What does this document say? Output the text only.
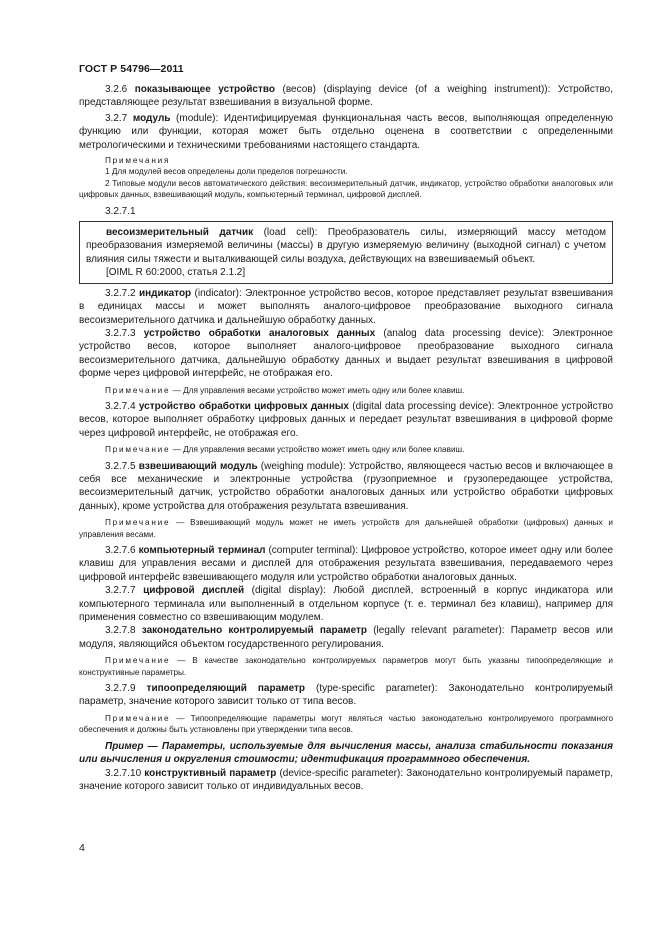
ГОСТ Р 54796—2011

3.2.6 показывающее устройство (весов) (displaying device (of a weighing instrument)): Устройство, представляющее результат взвешивания в визуальной форме.

3.2.7 модуль (module): Идентифицируемая функциональная часть весов, выполняющая определенную функцию или функции, которая может быть отдельно оценена в соответствии с определенными метрологическими и техническими требованиями настоящего стандарта.

Примечания

1 Для модулей весов определены доли пределов погрешности.

2 Типовые модули весов автоматического действия: весоизмерительный датчик, индикатор, устройство обработки аналоговых или цифровых данных, взвешивающий модуль, компьютерный терминал, цифровой дисплей.

3.2.7.1

весоизмерительный датчик (load cell): Преобразователь силы, измеряющий массу методом преобразования измеряемой величины (массы) в другую измеряемую величину (выходной сигнал) с учетом влияния силы тяжести и выталкивающей силы воздуха, действующих на взвешиваемый объект.

[OIML R 60:2000, статья 2.1.2]

3.2.7.2 индикатор (indicator): Электронное устройство весов, которое представляет результат взвешивания в единицах массы и может выполнять аналого-цифровое преобразование выходного сигнала весоизмерительного датчика и дальнейшую обработку данных.

3.2.7.3 устройство обработки аналоговых данных (analog data processing device): Электронное устройство весов, которое выполняет аналого-цифровое преобразование выходного сигнала весоизмерительного датчика, дальнейшую обработку данных и выдает результат взвешивания в цифровой форме через цифровой интерфейс, не отображая его.

Примечание — Для управления весами устройство может иметь одну или более клавиш.

3.2.7.4 устройство обработки цифровых данных (digital data processing device): Электронное устройство весов, которое выполняет обработку цифровых данных и передает результат взвешивания в цифровой форме через цифровой интерфейс, не отображая его.

Примечание — Для управления весами устройство может иметь одну или более клавиш.

3.2.7.5 взвешивающий модуль (weighing module): Устройство, являющееся частью весов и включающее в себя все механические и электронные устройства (грузоприемное и грузопередающее устройства, весоизмерительный датчик, устройство обработки аналоговых данных или устройство обработки цифровых данных), кроме устройства для отображения результата взвешивания.

Примечание — Взвешивающий модуль может не иметь устройств для дальнейшей обработки (цифровых) данных и управления весами.

3.2.7.6 компьютерный терминал (computer terminal): Цифровое устройство, которое имеет одну или более клавиш для управления весами и дисплей для отображения результата взвешивания, передаваемого через цифровой интерфейс взвешивающего модуля или устройство обработки аналоговых данных.

3.2.7.7 цифровой дисплей (digital display): Любой дисплей, встроенный в корпус индикатора или компьютерного терминала или выполненный в отдельном корпусе (т. е. терминал без клавиш), например для применения совместно со взвешивающим модулем.

3.2.7.8 законодательно контролируемый параметр (legally relevant parameter): Параметр весов или модуля, являющийся объектом государственного регулирования.

Примечание — В качестве законодательно контролируемых параметров могут быть указаны типоопределяющие и конструктивные параметры.

3.2.7.9 типоопределяющий параметр (type-specific parameter): Законодательно контролируемый параметр, значение которого зависит только от типа весов.

Примечание — Типоопределяющие параметры могут являться частью законодательно контролируемого программного обеспечения и должны быть установлены при утверждении типа весов.

Пример — Параметры, используемые для вычисления массы, анализа стабильности показания или вычисления и округления стоимости; идентификация программного обеспечения.

3.2.7.10 конструктивный параметр (device-specific parameter): Законодательно контролируемый параметр, значение которого зависит только от индивидуальных весов.

4
